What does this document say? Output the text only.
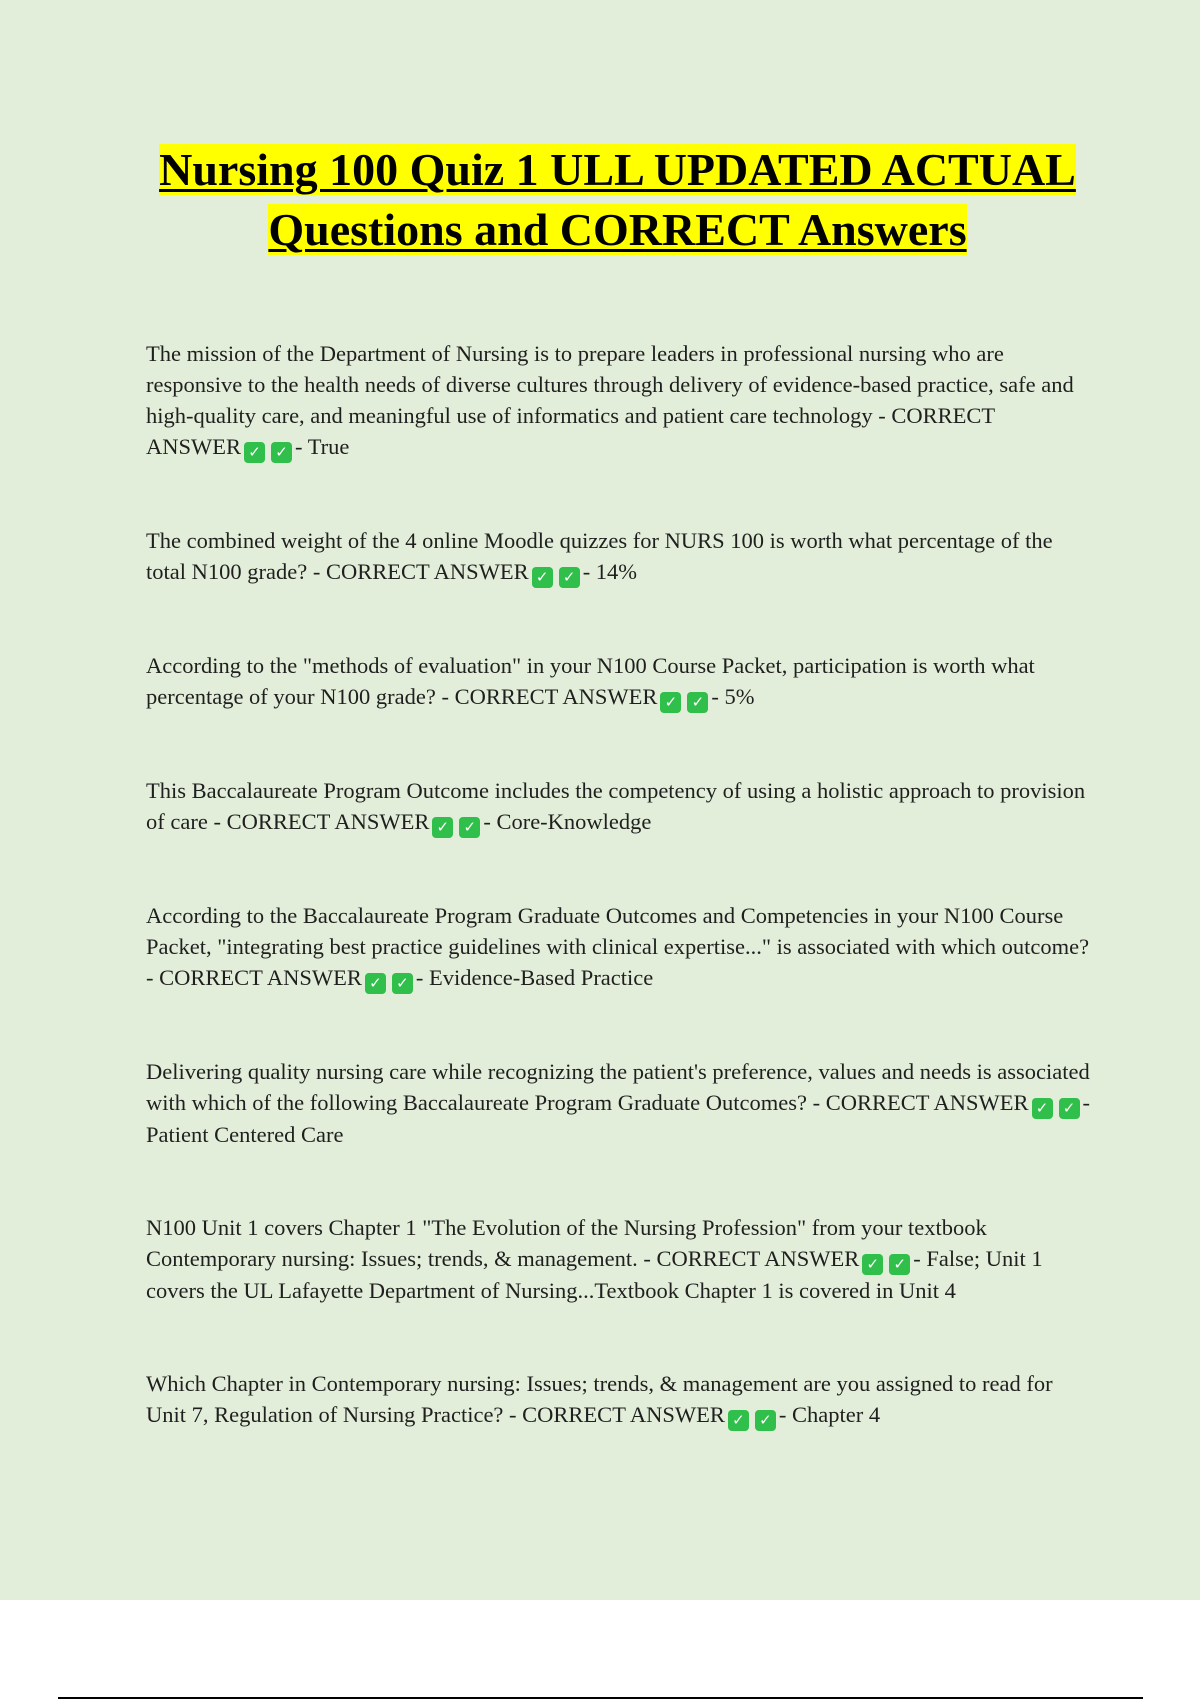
Nursing 100 Quiz 1 ULL UPDATED ACTUAL Questions and CORRECT Answers

The mission of the Department of Nursing is to prepare leaders in professional nursing who are responsive to the health needs of diverse cultures through delivery of evidence-based practice, safe and high-quality care, and meaningful use of informatics and patient care technology - CORRECT ANSWER ✓ ✓ - True

The combined weight of the 4 online Moodle quizzes for NURS 100 is worth what percentage of the total N100 grade? - CORRECT ANSWER ✓ ✓ - 14%

According to the "methods of evaluation" in your N100 Course Packet, participation is worth what percentage of your N100 grade? - CORRECT ANSWER ✓ ✓ - 5%

This Baccalaureate Program Outcome includes the competency of using a holistic approach to provision of care - CORRECT ANSWER ✓ ✓ - Core-Knowledge

According to the Baccalaureate Program Graduate Outcomes and Competencies in your N100 Course Packet, "integrating best practice guidelines with clinical expertise..." is associated with which outcome? - CORRECT ANSWER ✓ ✓ - Evidence-Based Practice

Delivering quality nursing care while recognizing the patient's preference, values and needs is associated with which of the following Baccalaureate Program Graduate Outcomes? - CORRECT ANSWER ✓ ✓ - Patient Centered Care

N100 Unit 1 covers Chapter 1 "The Evolution of the Nursing Profession" from your textbook Contemporary nursing: Issues; trends, & management. - CORRECT ANSWER ✓ ✓ - False; Unit 1 covers the UL Lafayette Department of Nursing...Textbook Chapter 1 is covered in Unit 4

Which Chapter in Contemporary nursing: Issues; trends, & management are you assigned to read for Unit 7, Regulation of Nursing Practice? - CORRECT ANSWER ✓ ✓ - Chapter 4
